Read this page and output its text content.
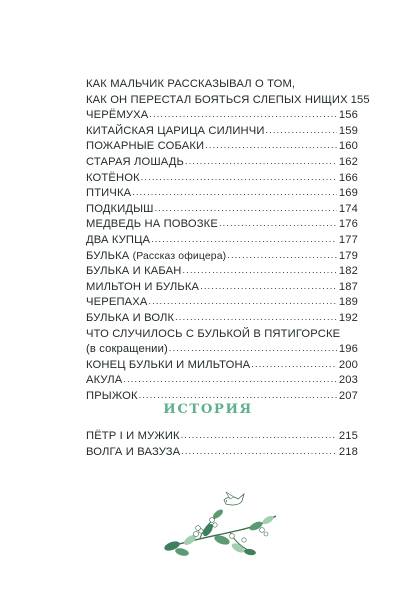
КАК МАЛЬЧИК РАССКАЗЫВАЛ О ТОМ,
КАК ОН ПЕРЕСТАЛ БОЯТЬСЯ СЛЕПЫХ НИЩИХ 155
ЧЕРЁМУХА .....	156
КИТАЙСКАЯ ЦАРИЦА СИЛИНЧИ .....	159
ПОЖАРНЫЕ СОБАКИ .....	160
СТАРАЯ ЛОШАДЬ .....	162
КОТЁНОК .....	166
ПТИЧКА .....	169
ПОДКИДЫШ .....	174
МЕДВЕДЬ НА ПОВОЗКЕ .....	176
ДВА КУПЦА .....	177
БУЛЬКА (Рассказ офицера) .....	179
БУЛЬКА И КАБАН .....	182
МИЛЬТОН И БУЛЬКА .....	187
ЧЕРЕПАХА .....	189
БУЛЬКА И ВОЛК .....	192
ЧТО СЛУЧИЛОСЬ С БУЛЬКОЙ В ПЯТИГОРСКЕ
(в сокращении) .....	196
КОНЕЦ БУЛЬКИ И МИЛЬТОНА .....	200
АКУЛА .....	203
ПРЫЖОК .....	207
ИСТОРИЯ
ПЁТР I И МУЖИК .....	215
ВОЛГА И ВАЗУЗА .....	218
